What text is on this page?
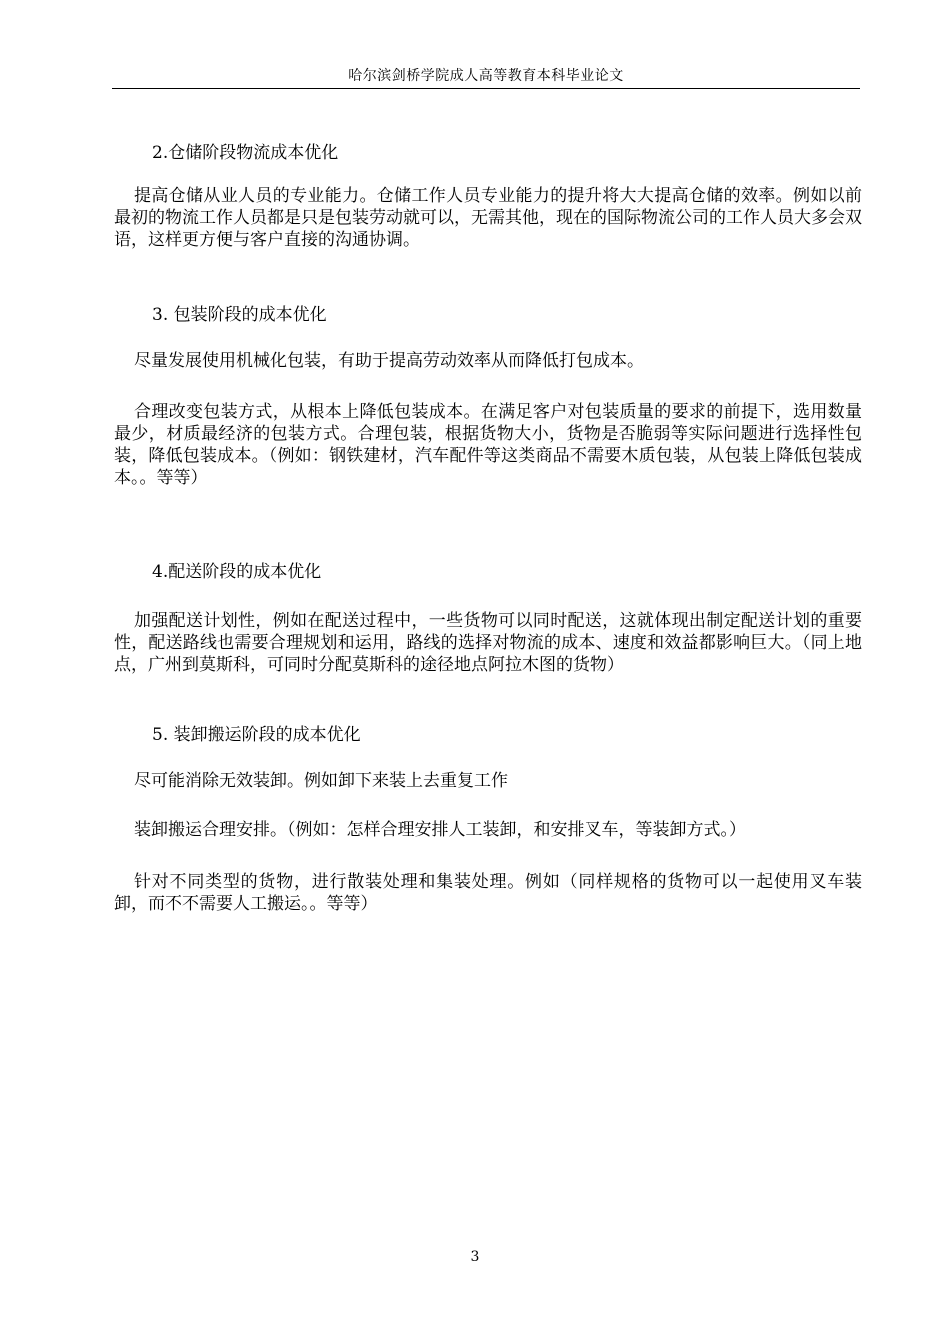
哈尔滨剑桥学院成人高等教育本科毕业论文

2.仓储阶段物流成本优化

提高仓储从业人员的专业能力。仓储工作人员专业能力的提升将大大提高仓储的效率。例如以前最初的物流工作人员都是只是包装劳动就可以，无需其他，现在的国际物流公司的工作人员大多会双语，这样更方便与客户直接的沟通协调。

3. 包装阶段的成本优化

尽量发展使用机械化包装，有助于提高劳动效率从而降低打包成本。

合理改变包装方式，从根本上降低包装成本。在满足客户对包装质量的要求的前提下，选用数量最少，材质最经济的包装方式。合理包装，根据货物大小，货物是否脆弱等实际问题进行选择性包装，降低包装成本。（例如：钢铁建材，汽车配件等这类商品不需要木质包装，从包装上降低包装成本。。等等）

4.配送阶段的成本优化

加强配送计划性，例如在配送过程中，一些货物可以同时配送，这就体现出制定配送计划的重要性，配送路线也需要合理规划和运用，路线的选择对物流的成本、速度和效益都影响巨大。（同上地点，广州到莫斯科，可同时分配莫斯科的途径地点阿拉木图的货物）

5. 装卸搬运阶段的成本优化

尽可能消除无效装卸。例如卸下来装上去重复工作

装卸搬运合理安排。（例如：怎样合理安排人工装卸，和安排叉车，等装卸方式。）

针对不同类型的货物，进行散装处理和集装处理。例如（同样规格的货物可以一起使用叉车装卸，而不不需要人工搬运。。等等）

3
